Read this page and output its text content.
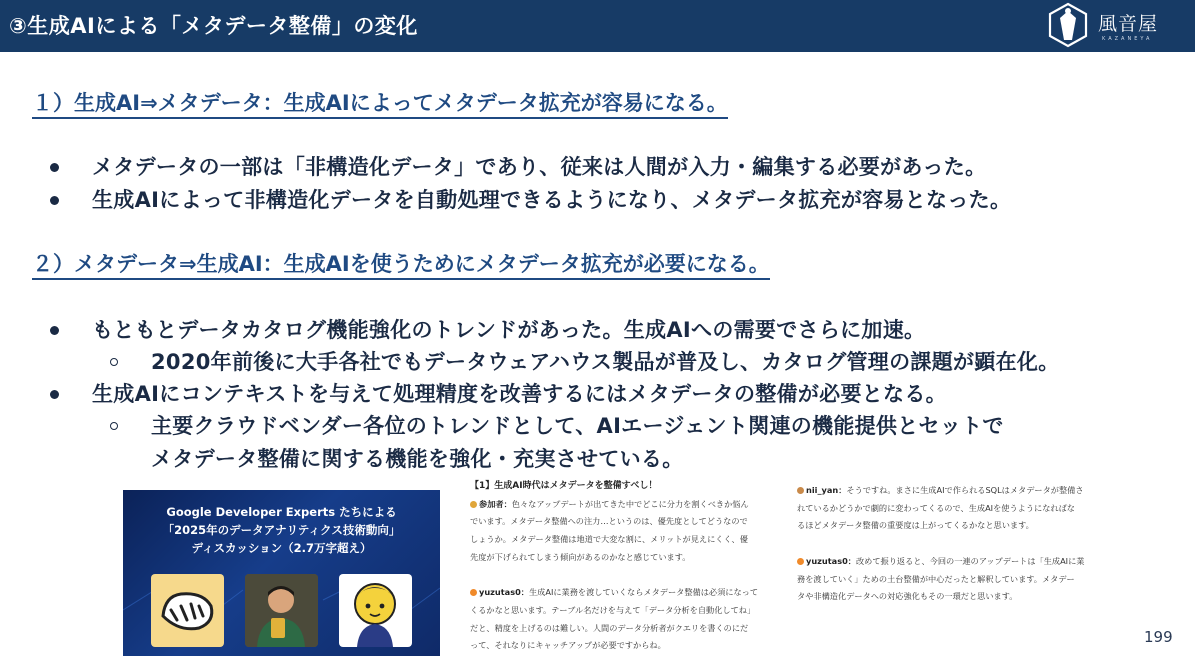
③生成AIによる「メタデータ整備」の変化	風音屋
KAZANEYA
１）生成AI⇒メタデータ：生成AIによってメタデータ拡充が容易になる。
メタデータの一部は「非構造化データ」であり、従来は人間が入力・編集する必要があった。
生成AIによって非構造化データを自動処理できるようになり、メタデータ拡充が容易となった。
２）メタデータ⇒生成AI：生成AIを使うためにメタデータ拡充が必要になる。
もともとデータカタログ機能強化のトレンドがあった。生成AIへの需要でさらに加速。
2020年前後に大手各社でもデータウェアハウス製品が普及し、カタログ管理の課題が顕在化。
生成AIにコンテキストを与えて処理精度を改善するにはメタデータの整備が必要となる。
主要クラウドベンダー各位のトレンドとして、AIエージェント関連の機能提供とセットで
メタデータ整備に関する機能を強化・充実させている。
Google Developer Experts たちによる
「2025年のデータアナリティクス技術動向」
ディスカッション（2.7万字超え）

【1】生成AI時代はメタデータを整備すべし！

参加者：色々なアップデートが出てきた中でどこに分力を割くべきか悩ん

でいます。メタデータ整備への注力…というのは、優先度としてどうなので

しょうか。メタデータ整備は地道で大変な割に、メリットが見えにくく、優

先度が下げられてしまう傾向があるのかなと感じています。

yuzutas0：生成AIに業務を渡していくならメタデータ整備は必須になって

くるかなと思います。テーブル名だけを与えて「データ分析を自動化してね」

だと、精度を上げるのは難しい。人間のデータ分析者がクエリを書くのにだ

って、それなりにキャッチアップが必要ですからね。

nii_yan：そうですね。まさに生成AIで作られるSQLはメタデータが整備さ

れているかどうかで劇的に変わってくるので、生成AIを使うようになればな

るほどメタデータ整備の重要度は上がってくるかなと思います。

yuzutas0：改めて振り返ると、今回の一連のアップデートは「生成AIに業

務を渡していく」ための土台整備が中心だったと解釈しています。メタデー

タや非構造化データへの対応強化もその一環だと思います。

199
